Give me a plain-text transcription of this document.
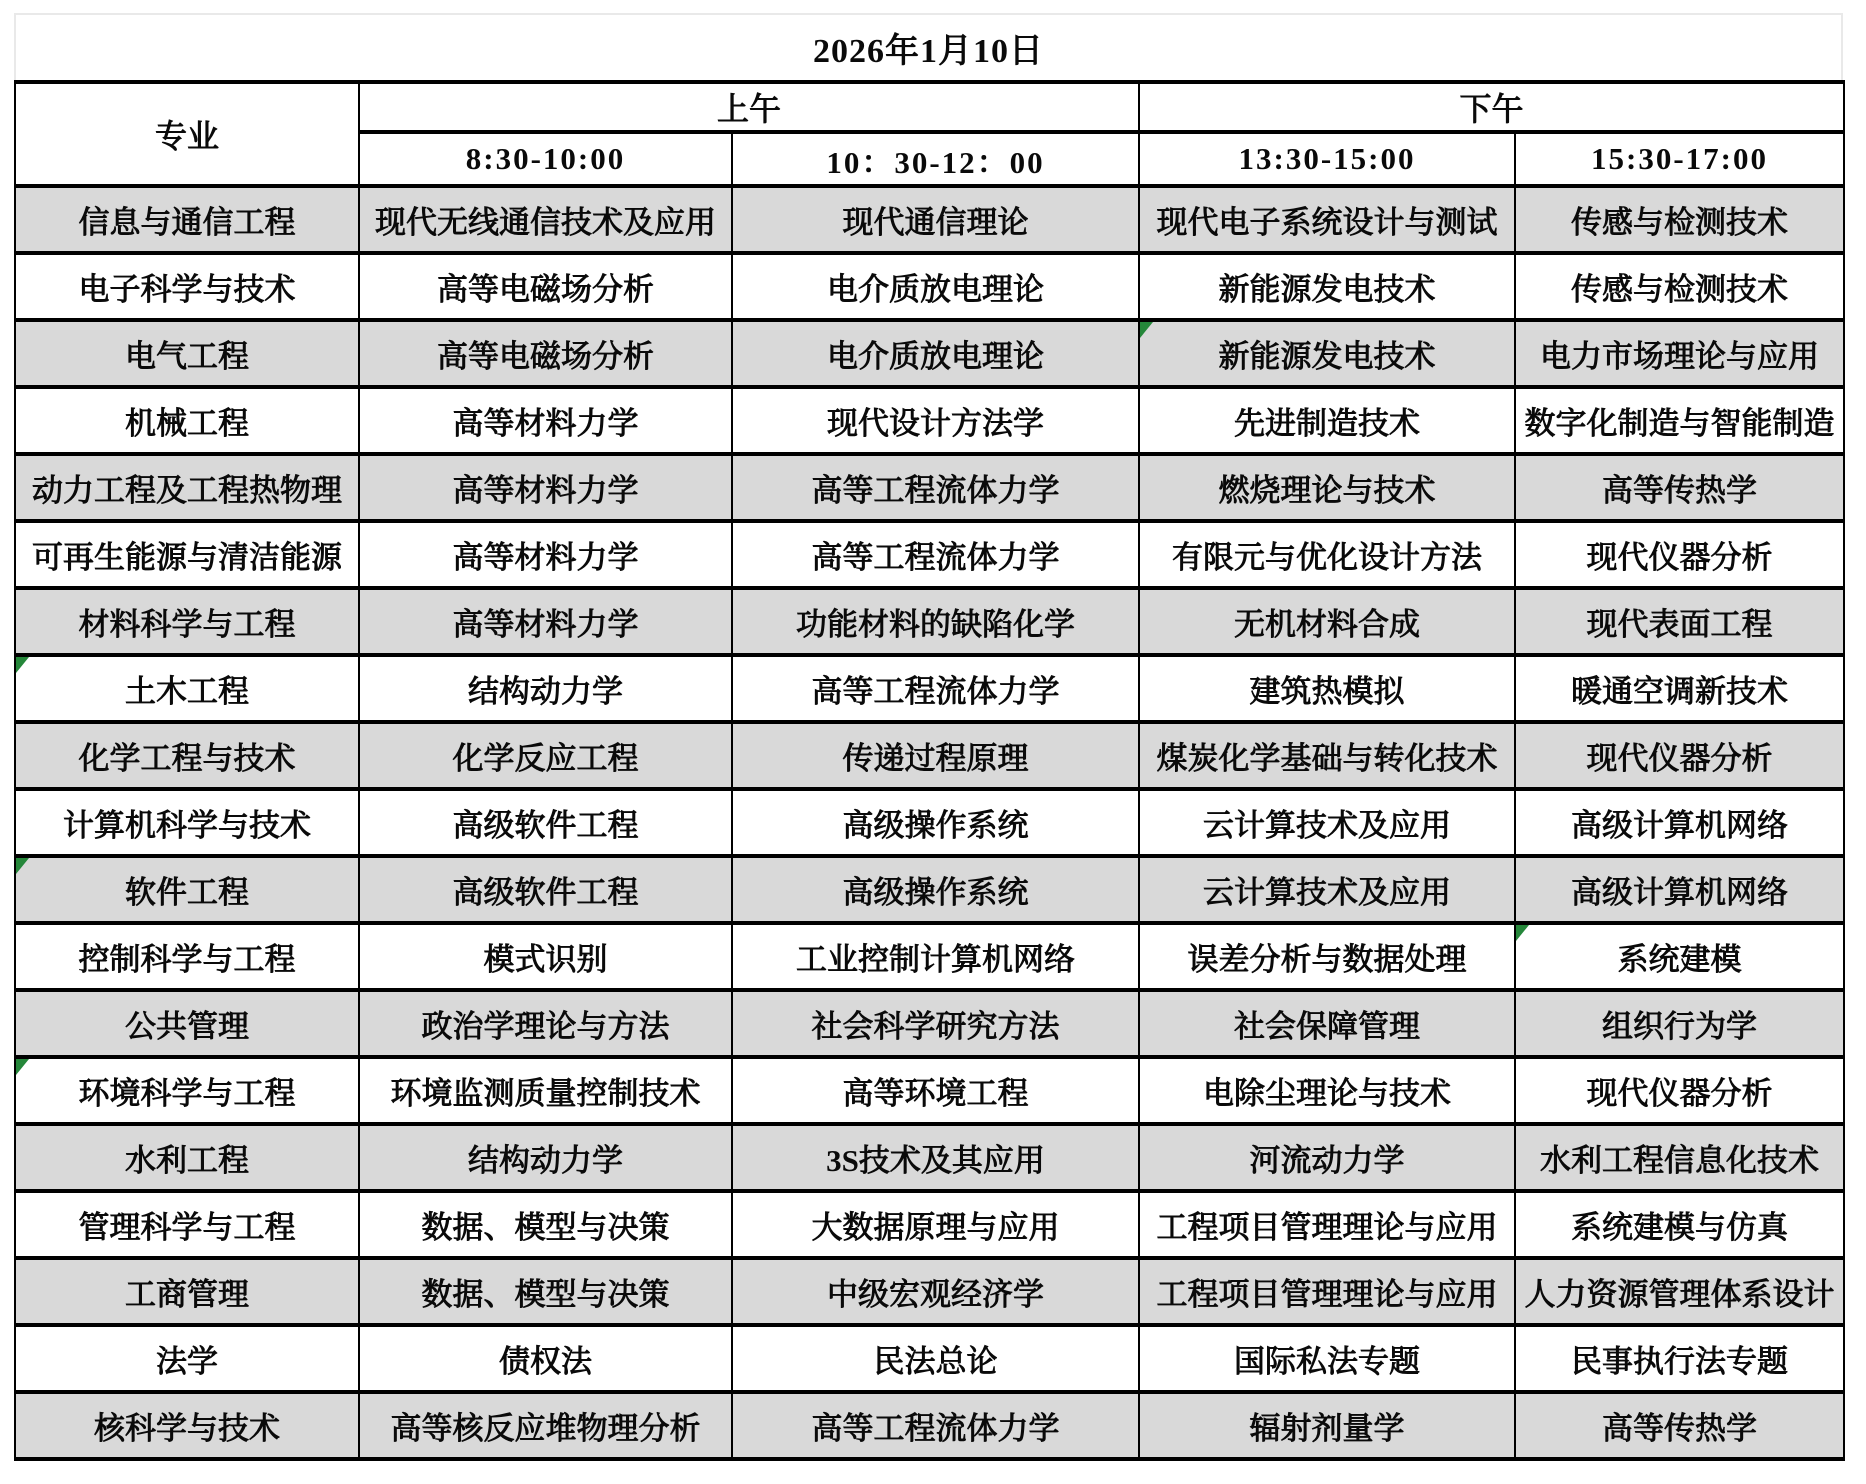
2026年1月10日
专业	上午		下午	
	8:30-10:00	10：30-12：00	13:30-15:00	15:30-17:00
信息与通信工程	现代无线通信技术及应用	现代通信理论	现代电子系统设计与测试	传感与检测技术
电子科学与技术	高等电磁场分析	电介质放电理论	新能源发电技术	传感与检测技术
电气工程	高等电磁场分析	电介质放电理论	新能源发电技术	电力市场理论与应用
机械工程	高等材料力学	现代设计方法学	先进制造技术	数字化制造与智能制造
动力工程及工程热物理	高等材料力学	高等工程流体力学	燃烧理论与技术	高等传热学
可再生能源与清洁能源	高等材料力学	高等工程流体力学	有限元与优化设计方法	现代仪器分析
材料科学与工程	高等材料力学	功能材料的缺陷化学	无机材料合成	现代表面工程
土木工程	结构动力学	高等工程流体力学	建筑热模拟	暖通空调新技术
化学工程与技术	化学反应工程	传递过程原理	煤炭化学基础与转化技术	现代仪器分析
计算机科学与技术	高级软件工程	高级操作系统	云计算技术及应用	高级计算机网络
软件工程	高级软件工程	高级操作系统	云计算技术及应用	高级计算机网络
控制科学与工程	模式识别	工业控制计算机网络	误差分析与数据处理	系统建模

公共管理	政治学理论与方法	社会科学研究方法	社会保障管理	组织行为学
环境科学与工程	环境监测质量控制技术	高等环境工程	电除尘理论与技术	现代仪器分析
水利工程	结构动力学	3S技术及其应用	河流动力学	水利工程信息化技术
管理科学与工程	数据、模型与决策	大数据原理与应用	工程项目管理理论与应用	系统建模与仿真
工商管理	数据、模型与决策	中级宏观经济学	工程项目管理理论与应用	人力资源管理体系设计
法学	债权法	民法总论	国际私法专题	民事执行法专题
核科学与技术	高等核反应堆物理分析	高等工程流体力学	辐射剂量学	高等传热学
